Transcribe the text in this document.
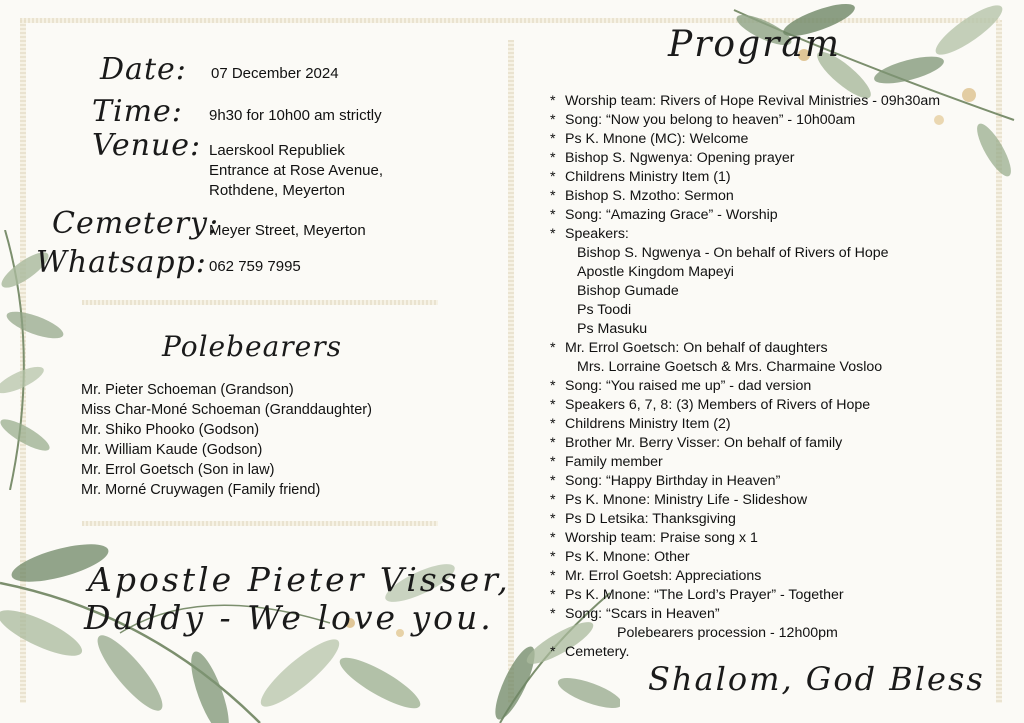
Date: 07 December 2024
Time: 9h30 for 10h00 am strictly
Venue: Laerskool Republiek
Entrance at Rose Avenue,
Rothdene, Meyerton
Cemetery:
Meyer Street, Meyerton
Whatsapp: 062 759 7995
Polebearers
Mr. Pieter Schoeman (Grandson)
Miss Char-Moné Schoeman (Granddaughter)
Mr. Shiko Phooko (Godson)
Mr. William Kaude (Godson)
Mr. Errol Goetsch (Son in law)
Mr. Morné Cruywagen (Family friend)
Apostle Pieter Visser,
Daddy - We love you.
Program
* Worship team: Rivers of Hope Revival Ministries - 09h30am
* Song: “Now you belong to heaven” - 10h00am
* Ps K. Mnone (MC): Welcome
* Bishop S. Ngwenya: Opening prayer
* Childrens Ministry Item (1)
* Bishop S. Mzotho: Sermon
* Song: “Amazing Grace” - Worship
* Speakers:
Bishop S. Ngwenya - On behalf of Rivers of Hope
Apostle Kingdom Mapeyi
Bishop Gumade
Ps Toodi
Ps Masuku
* Mr. Errol Goetsch: On behalf of daughters
Mrs. Lorraine Goetsch & Mrs. Charmaine Vosloo
* Song: “You raised me up” - dad version
* Speakers 6, 7, 8: (3) Members of Rivers of Hope
* Childrens Ministry Item (2)
* Brother Mr. Berry Visser: On behalf of family
* Family member
* Song: “Happy Birthday in Heaven”
* Ps K. Mnone: Ministry Life - Slideshow
* Ps D Letsika: Thanksgiving
* Worship team: Praise song x 1
* Ps K. Mnone: Other
* Mr. Errol Goetsh: Appreciations
* Ps K. Mnone: “The Lord’s Prayer” - Together
* Song: “Scars in Heaven”
Polebearers procession - 12h00pm
* Cemetery.
Shalom, God Bless
